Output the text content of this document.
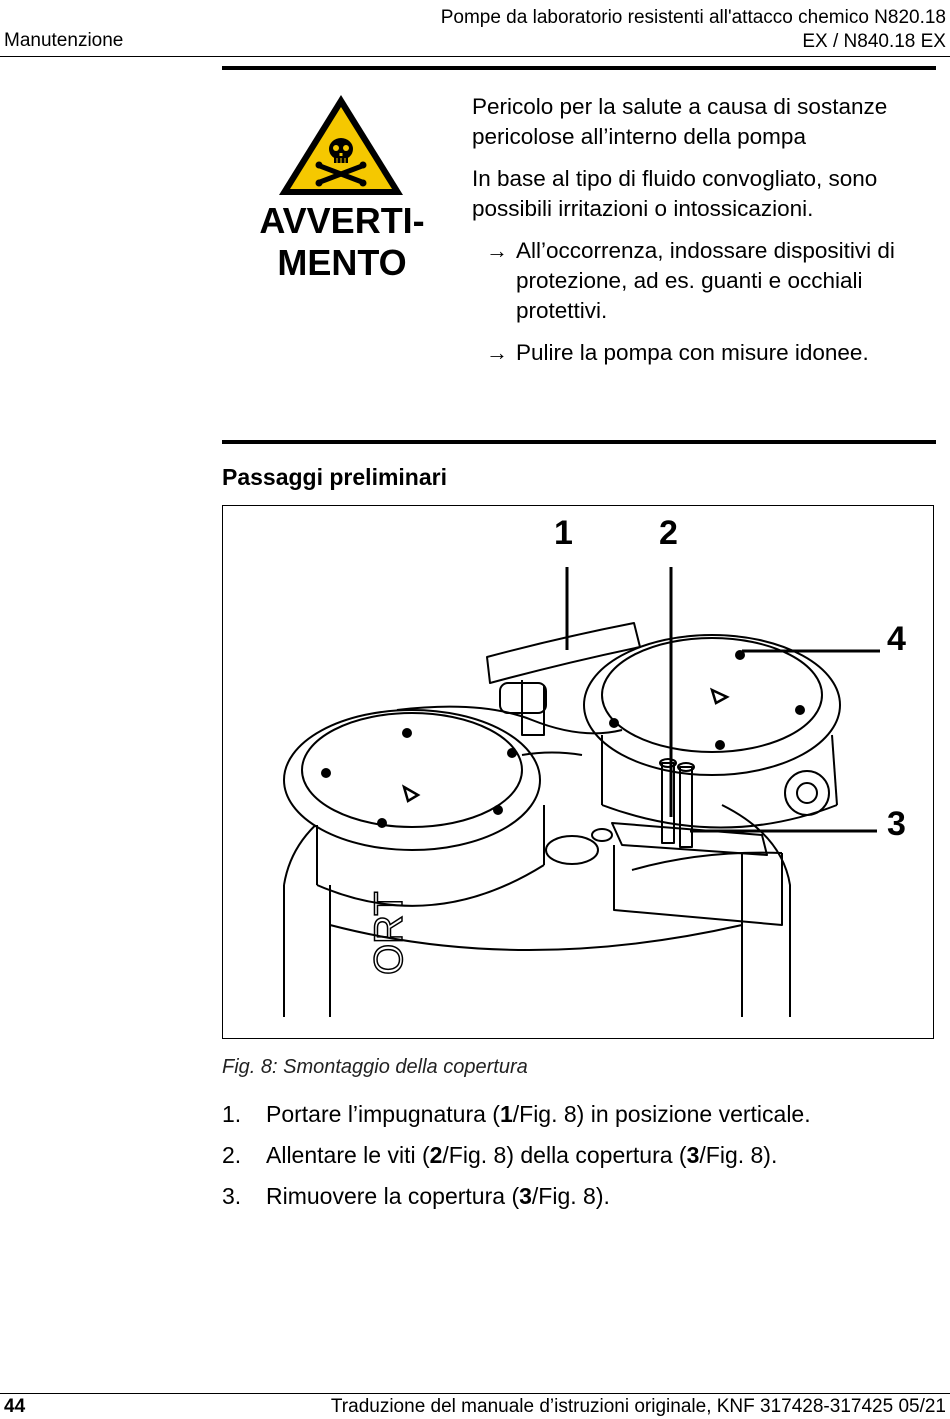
Manutenzione
Pompe da laboratorio resistenti all'attacco chemico N820.18
EX / N840.18 EX
AVVERTI-
MENTO

Pericolo per la salute a causa di sostanze pericolose all’interno della pompa

In base al tipo di fluido convogliato, sono possibili irritazioni o intossicazioni.

→ All’occorrenza, indossare dispositivi di protezione, ad es. guanti e occhiali protettivi.
→ Pulire la pompa con misure idonee.
Passaggi preliminari
ORT
1	2
3
4
Fig. 8: Smontaggio della copertura
1.	Portare l’impugnatura (1/Fig. 8) in posizione verticale.
2.	Allentare le viti (2/Fig. 8) della copertura (3/Fig. 8).
3.	Rimuovere la copertura (3/Fig. 8).
44	Traduzione del manuale d’istruzioni originale, KNF 317428-317425 05/21
